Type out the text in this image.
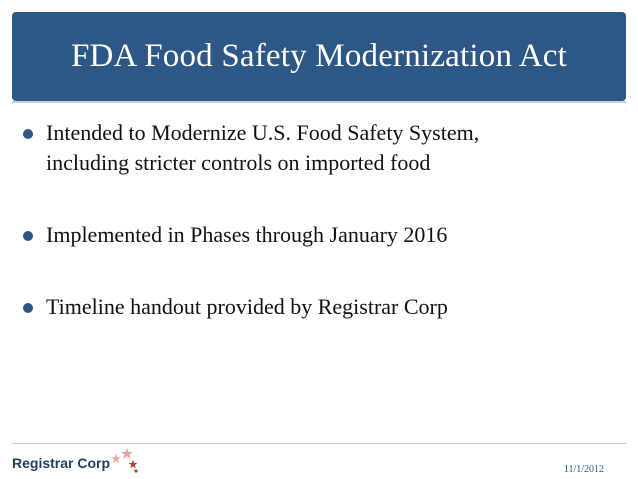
FDA Food Safety Modernization Act
Intended to Modernize U.S. Food Safety System,
including stricter controls on imported food
Implemented in Phases through January 2016
Timeline handout provided by Registrar Corp
Registrar Corp	11/1/2012
